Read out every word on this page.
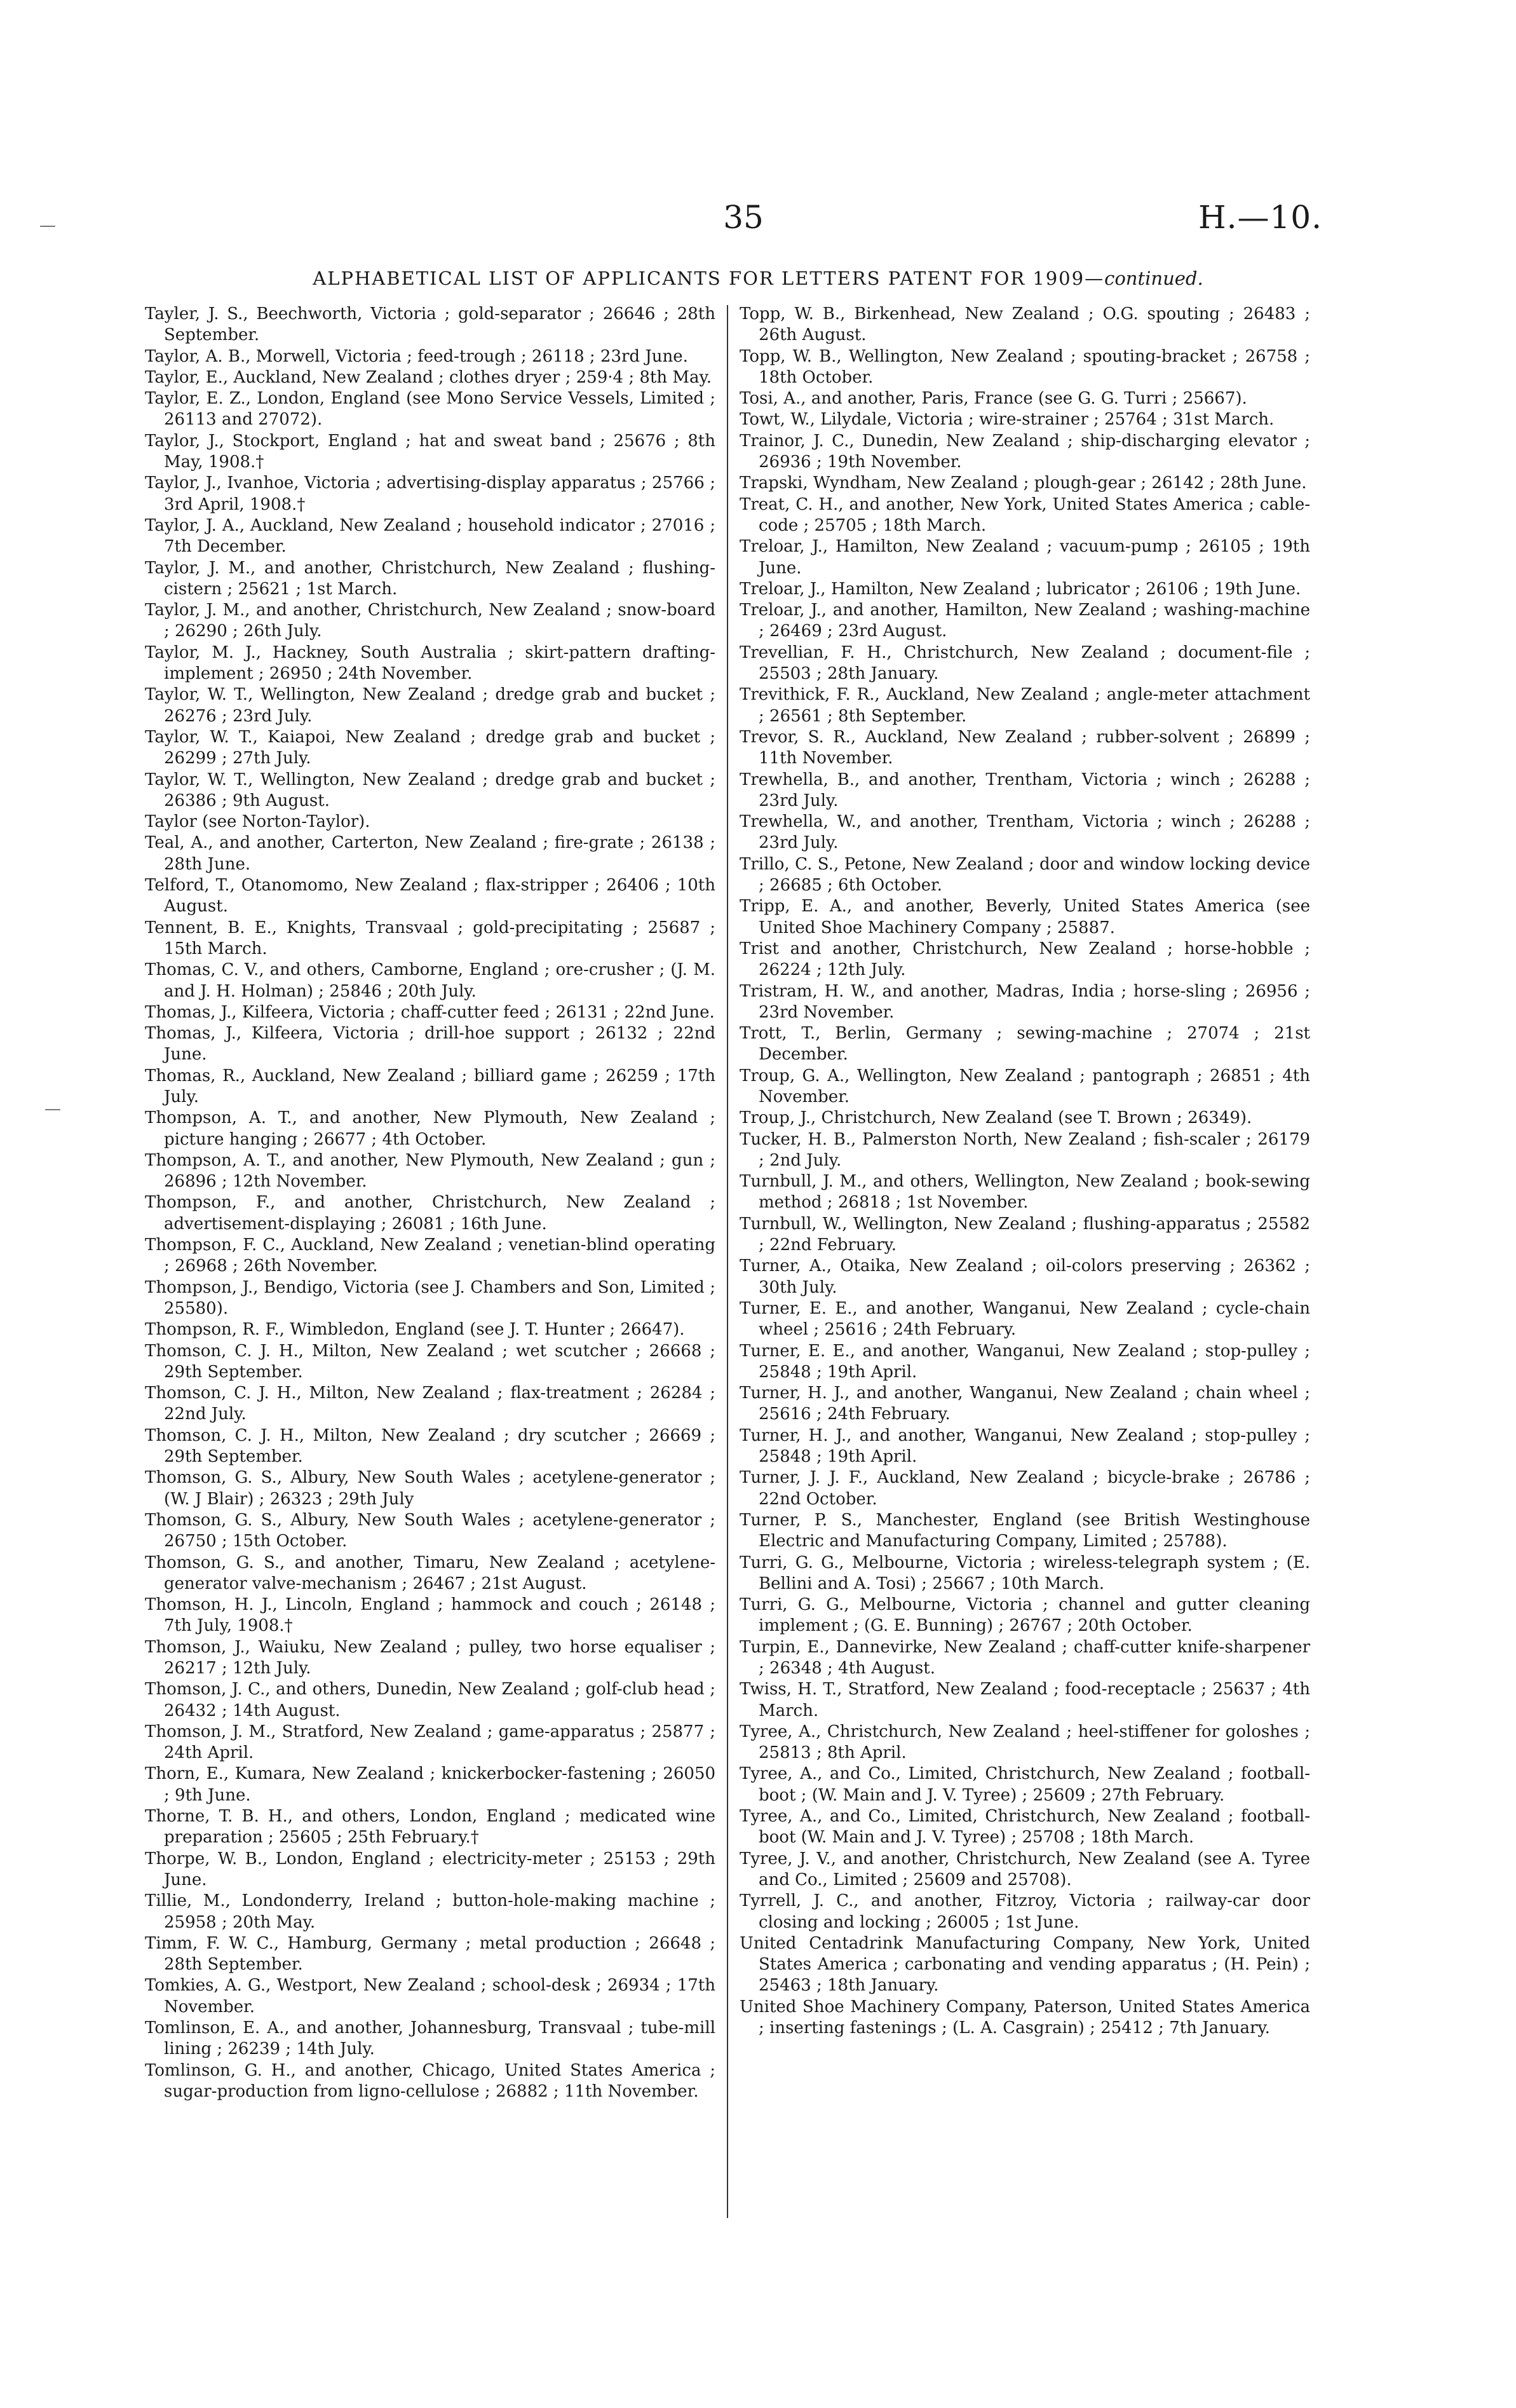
35	H.—10.
ALPHABETICAL LIST OF APPLICANTS FOR LETTERS PATENT FOR 1909—continued.

Tayler, J. S., Beechworth, Victoria ; gold-separator ; 26646 ; 28th September.

Taylor, A. B., Morwell, Victoria ; feed-trough ; 26118 ; 23rd June.

Taylor, E., Auckland, New Zealand ; clothes dryer ; 259·4 ; 8th May.

Taylor, E. Z., London, England (see Mono Service Vessels, Limited ; 26113 and 27072).

Taylor, J., Stockport, England ; hat and sweat band ; 25676 ; 8th May, 1908.†

Taylor, J., Ivanhoe, Victoria ; advertising-display apparatus ; 25766 ; 3rd April, 1908.†

Taylor, J. A., Auckland, New Zealand ; household indicator ; 27016 ; 7th December.

Taylor, J. M., and another, Christchurch, New Zealand ; flushing-cistern ; 25621 ; 1st March.

Taylor, J. M., and another, Christchurch, New Zealand ; snow-board ; 26290 ; 26th July.

Taylor, M. J., Hackney, South Australia ; skirt-pattern drafting-implement ; 26950 ; 24th November.

Taylor, W. T., Wellington, New Zealand ; dredge grab and bucket ; 26276 ; 23rd July.

Taylor, W. T., Kaiapoi, New Zealand ; dredge grab and bucket ; 26299 ; 27th July.

Taylor, W. T., Wellington, New Zealand ; dredge grab and bucket ; 26386 ; 9th August.

Taylor (see Norton-Taylor).

Teal, A., and another, Carterton, New Zealand ; fire-grate ; 26138 ; 28th June.

Telford, T., Otanomomo, New Zealand ; flax-stripper ; 26406 ; 10th August.

Tennent, B. E., Knights, Transvaal ; gold-precipitating ; 25687 ; 15th March.

Thomas, C. V., and others, Camborne, England ; ore-crusher ; (J. M. and J. H. Holman) ; 25846 ; 20th July.

Thomas, J., Kilfeera, Victoria ; chaff-cutter feed ; 26131 ; 22nd June.

Thomas, J., Kilfeera, Victoria ; drill-hoe support ; 26132 ; 22nd June.

Thomas, R., Auckland, New Zealand ; billiard game ; 26259 ; 17th July.

Thompson, A. T., and another, New Plymouth, New Zealand ; picture hanging ; 26677 ; 4th October.

Thompson, A. T., and another, New Plymouth, New Zealand ; gun ; 26896 ; 12th November.

Thompson, F., and another, Christchurch, New Zealand ; advertisement-displaying ; 26081 ; 16th June.

Thompson, F. C., Auckland, New Zealand ; venetian-blind operating ; 26968 ; 26th November.

Thompson, J., Bendigo, Victoria (see J. Chambers and Son, Limited ; 25580).

Thompson, R. F., Wimbledon, England (see J. T. Hunter ; 26647).

Thomson, C. J. H., Milton, New Zealand ; wet scutcher ; 26668 ; 29th September.

Thomson, C. J. H., Milton, New Zealand ; flax-treatment ; 26284 ; 22nd July.

Thomson, C. J. H., Milton, New Zealand ; dry scutcher ; 26669 ; 29th September.

Thomson, G. S., Albury, New South Wales ; acetylene-generator ; (W. J Blair) ; 26323 ; 29th July

Thomson, G. S., Albury, New South Wales ; acetylene-generator ; 26750 ; 15th October.

Thomson, G. S., and another, Timaru, New Zealand ; acetylene-generator valve-mechanism ; 26467 ; 21st August.

Thomson, H. J., Lincoln, England ; hammock and couch ; 26148 ; 7th July, 1908.†

Thomson, J., Waiuku, New Zealand ; pulley, two horse equaliser ; 26217 ; 12th July.

Thomson, J. C., and others, Dunedin, New Zealand ; golf-club head ; 26432 ; 14th August.

Thomson, J. M., Stratford, New Zealand ; game-apparatus ; 25877 ; 24th April.

Thorn, E., Kumara, New Zealand ; knickerbocker-fastening ; 26050 ; 9th June.

Thorne, T. B. H., and others, London, England ; medicated wine preparation ; 25605 ; 25th February.†

Thorpe, W. B., London, England ; electricity-meter ; 25153 ; 29th June.

Tillie, M., Londonderry, Ireland ; button-hole-making machine ; 25958 ; 20th May.

Timm, F. W. C., Hamburg, Germany ; metal production ; 26648 ; 28th September.

Tomkies, A. G., Westport, New Zealand ; school-desk ; 26934 ; 17th November.

Tomlinson, E. A., and another, Johannesburg, Transvaal ; tube-mill lining ; 26239 ; 14th July.

Tomlinson, G. H., and another, Chicago, United States America ; sugar-production from ligno-cellulose ; 26882 ; 11th November.

Topp, W. B., Birkenhead, New Zealand ; O.G. spouting ; 26483 ; 26th August.

Topp, W. B., Wellington, New Zealand ; spouting-bracket ; 26758 ; 18th October.

Tosi, A., and another, Paris, France (see G. G. Turri ; 25667).

Towt, W., Lilydale, Victoria ; wire-strainer ; 25764 ; 31st March.

Trainor, J. C., Dunedin, New Zealand ; ship-discharging elevator ; 26936 ; 19th November.

Trapski, Wyndham, New Zealand ; plough-gear ; 26142 ; 28th June.

Treat, C. H., and another, New York, United States America ; cable-code ; 25705 ; 18th March.

Treloar, J., Hamilton, New Zealand ; vacuum-pump ; 26105 ; 19th June.

Treloar, J., Hamilton, New Zealand ; lubricator ; 26106 ; 19th June.

Treloar, J., and another, Hamilton, New Zealand ; washing-machine ; 26469 ; 23rd August.

Trevellian, F. H., Christchurch, New Zealand ; document-file ; 25503 ; 28th January.

Trevithick, F. R., Auckland, New Zealand ; angle-meter attachment ; 26561 ; 8th September.

Trevor, S. R., Auckland, New Zealand ; rubber-solvent ; 26899 ; 11th November.

Trewhella, B., and another, Trentham, Victoria ; winch ; 26288 ; 23rd July.

Trewhella, W., and another, Trentham, Victoria ; winch ; 26288 ; 23rd July.

Trillo, C. S., Petone, New Zealand ; door and window locking device ; 26685 ; 6th October.

Tripp, E. A., and another, Beverly, United States America (see United Shoe Machinery Company ; 25887.

Trist and another, Christchurch, New Zealand ; horse-hobble ; 26224 ; 12th July.

Tristram, H. W., and another, Madras, India ; horse-sling ; 26956 ; 23rd November.

Trott, T., Berlin, Germany ; sewing-machine ; 27074 ; 21st December.

Troup, G. A., Wellington, New Zealand ; pantograph ; 26851 ; 4th November.

Troup, J., Christchurch, New Zealand (see T. Brown ; 26349).

Tucker, H. B., Palmerston North, New Zealand ; fish-scaler ; 26179 ; 2nd July.

Turnbull, J. M., and others, Wellington, New Zealand ; book-sewing method ; 26818 ; 1st November.

Turnbull, W., Wellington, New Zealand ; flushing-apparatus ; 25582 ; 22nd February.

Turner, A., Otaika, New Zealand ; oil-colors preserving ; 26362 ; 30th July.

Turner, E. E., and another, Wanganui, New Zealand ; cycle-chain wheel ; 25616 ; 24th February.

Turner, E. E., and another, Wanganui, New Zealand ; stop-pulley ; 25848 ; 19th April.

Turner, H. J., and another, Wanganui, New Zealand ; chain wheel ; 25616 ; 24th February.

Turner, H. J., and another, Wanganui, New Zealand ; stop-pulley ; 25848 ; 19th April.

Turner, J. J. F., Auckland, New Zealand ; bicycle-brake ; 26786 ; 22nd October.

Turner, P. S., Manchester, England (see British Westinghouse Electric and Manufacturing Company, Limited ; 25788).

Turri, G. G., Melbourne, Victoria ; wireless-telegraph system ; (E. Bellini and A. Tosi) ; 25667 ; 10th March.

Turri, G. G., Melbourne, Victoria ; channel and gutter cleaning implement ; (G. E. Bunning) ; 26767 ; 20th October.

Turpin, E., Dannevirke, New Zealand ; chaff-cutter knife-sharpener ; 26348 ; 4th August.

Twiss, H. T., Stratford, New Zealand ; food-receptacle ; 25637 ; 4th March.

Tyree, A., Christchurch, New Zealand ; heel-stiffener for goloshes ; 25813 ; 8th April.

Tyree, A., and Co., Limited, Christchurch, New Zealand ; football-boot ; (W. Main and J. V. Tyree) ; 25609 ; 27th February.

Tyree, A., and Co., Limited, Christchurch, New Zealand ; football-boot (W. Main and J. V. Tyree) ; 25708 ; 18th March.

Tyree, J. V., and another, Christchurch, New Zealand (see A. Tyree and Co., Limited ; 25609 and 25708).

Tyrrell, J. C., and another, Fitzroy, Victoria ; railway-car door closing and locking ; 26005 ; 1st June.

United Centadrink Manufacturing Company, New York, United States America ; carbonating and vending apparatus ; (H. Pein) ; 25463 ; 18th January.

United Shoe Machinery Company, Paterson, United States America ; inserting fastenings ; (L. A. Casgrain) ; 25412 ; 7th January.

—
—
